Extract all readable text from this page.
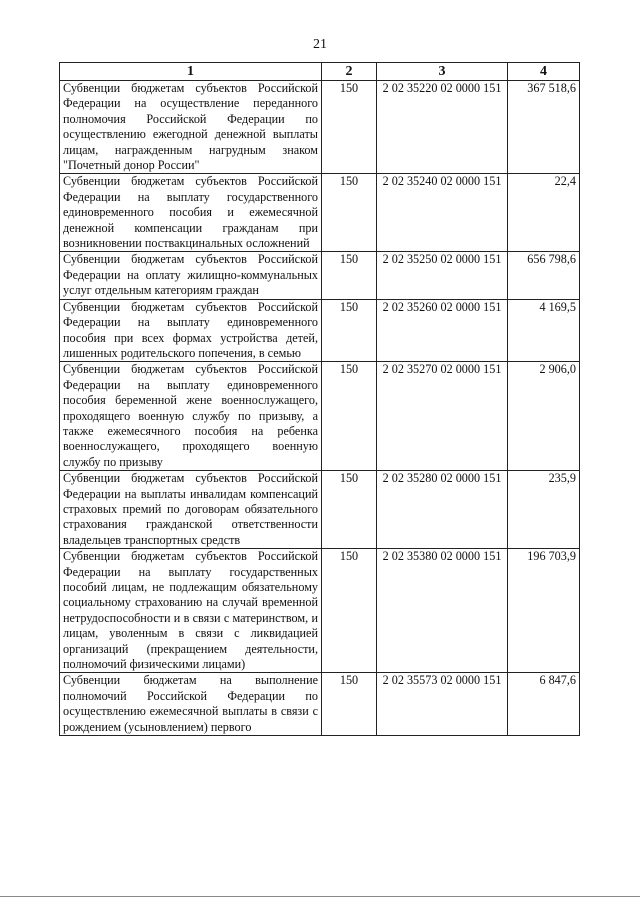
21
1	2	3	4
Субвенции бюджетам субъектов Российской Федерации на осуществление переданного полномочия Российской Федерации по осуществлению ежегодной денежной выплаты лицам, награжденным нагрудным знаком "Почетный донор России"	150	2 02 35220 02 0000 151	367 518,6
Субвенции бюджетам субъектов Российской Федерации на выплату государственного единовременного пособия и ежемесячной денежной компенсации гражданам при возникновении поствакцинальных осложнений	150	2 02 35240 02 0000 151	22,4
Субвенции бюджетам субъектов Российской Федерации на оплату жилищно-коммунальных услуг отдельным категориям граждан	150	2 02 35250 02 0000 151	656 798,6
Субвенции бюджетам субъектов Российской Федерации на выплату единовременного пособия при всех формах устройства детей, лишенных родительского попечения, в семью	150	2 02 35260 02 0000 151	4 169,5
Субвенции бюджетам субъектов Российской Федерации на выплату единовременного пособия беременной жене военнослужащего, проходящего военную службу по призыву, а также ежемесячного пособия на ребенка военнослужащего, проходящего военную службу по призыву	150	2 02 35270 02 0000 151	2 906,0
Субвенции бюджетам субъектов Российской Федерации на выплаты инвалидам компенсаций страховых премий по договорам обязательного страхования гражданской ответственности владельцев транспортных средств	150	2 02 35280 02 0000 151	235,9
Субвенции бюджетам субъектов Российской Федерации на выплату государственных пособий лицам, не подлежащим обязательному социальному страхованию на случай временной нетрудоспособности и в связи с материнством, и лицам, уволенным в связи с ликвидацией организаций (прекращением деятельности, полномочий физическими лицами)	150	2 02 35380 02 0000 151	196 703,9
Субвенции бюджетам на выполнение полномочий Российской Федерации по осуществлению ежемесячной выплаты в связи с рождением (усыновлением) первого	150	2 02 35573 02 0000 151	6 847,6
